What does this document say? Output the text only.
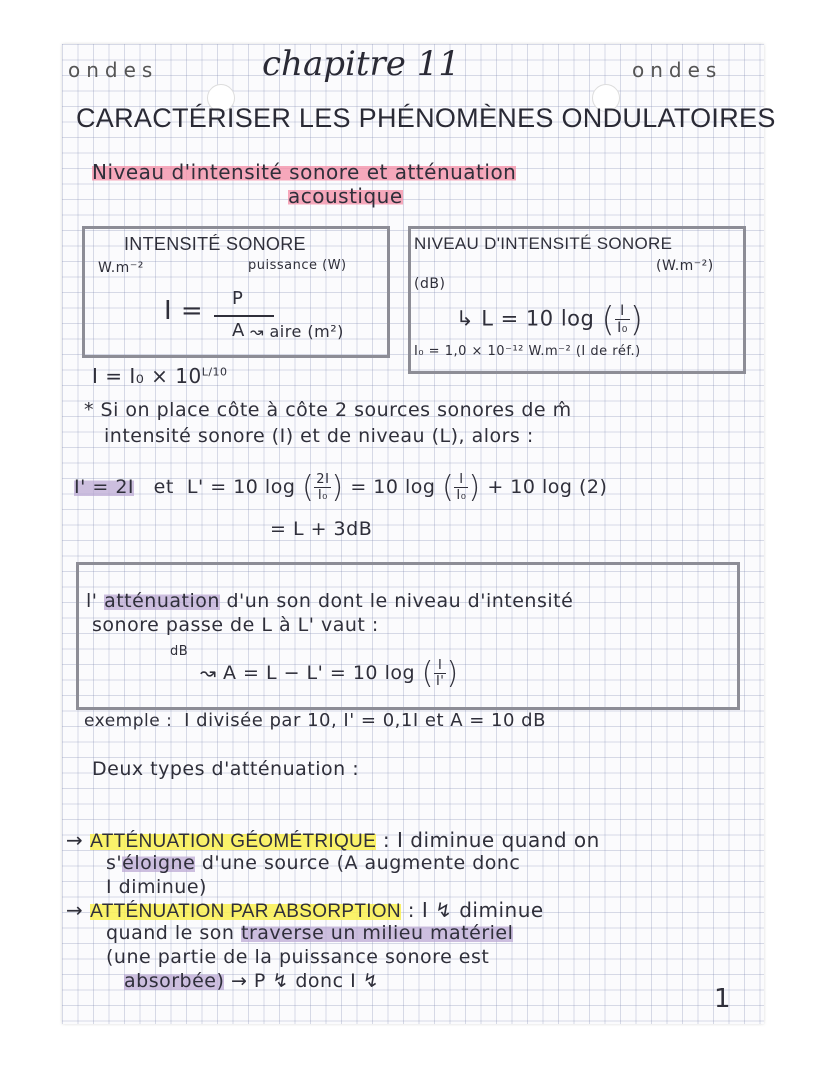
ondes	chapitre 11	ondes
CARACTÉRISER LES PHÉNOMÈNES ONDULATOIRES
Niveau d'intensité sonore et atténuation
acoustique
INTENSITÉ SONORE
W.m⁻²	puissance (W)
I = P
A ↝ aire (m²)
NIVEAU D'INTENSITÉ SONORE
(dB)
(W.m⁻²)
↳ L = 10 log ( $\frac{I}{\text{I₀}}$ )
I₀ = 1,0 × 10⁻¹² W.m⁻² (I de réf.)
$I = I_0 \times 10^{L/10}$
* Si on place côte à côte 2 sources sonores de m̂
intensité sonore (I) et de niveau (L), alors :
I' = 2I et L' = 10 log ( $\frac{2I}{\text{I₀}}$ ) = 10 log ( $\frac{I}{\text{I₀}}$ ) + 10 log (2)
= L + 3dB
l' atténuation d'un son dont le niveau d'intensité
sonore passe de L à L' vaut :
dB
↝ A = L − L' = 10 log ( $\frac{I}{I'}$ )
exemple : I divisée par 10, I' = 0,1I et A = 10 dB
Deux types d'atténuation :
→ ATTÉNUATION GÉOMÉTRIQUE : I diminue quand on
s'éloigne d'une source (A augmente donc
I diminue)
→ ATTÉNUATION PAR ABSORPTION : I ↯ diminue
quand le son traverse un milieu matériel
(une partie de la puissance sonore est
absorbée) → P ↯ donc I ↯
1
